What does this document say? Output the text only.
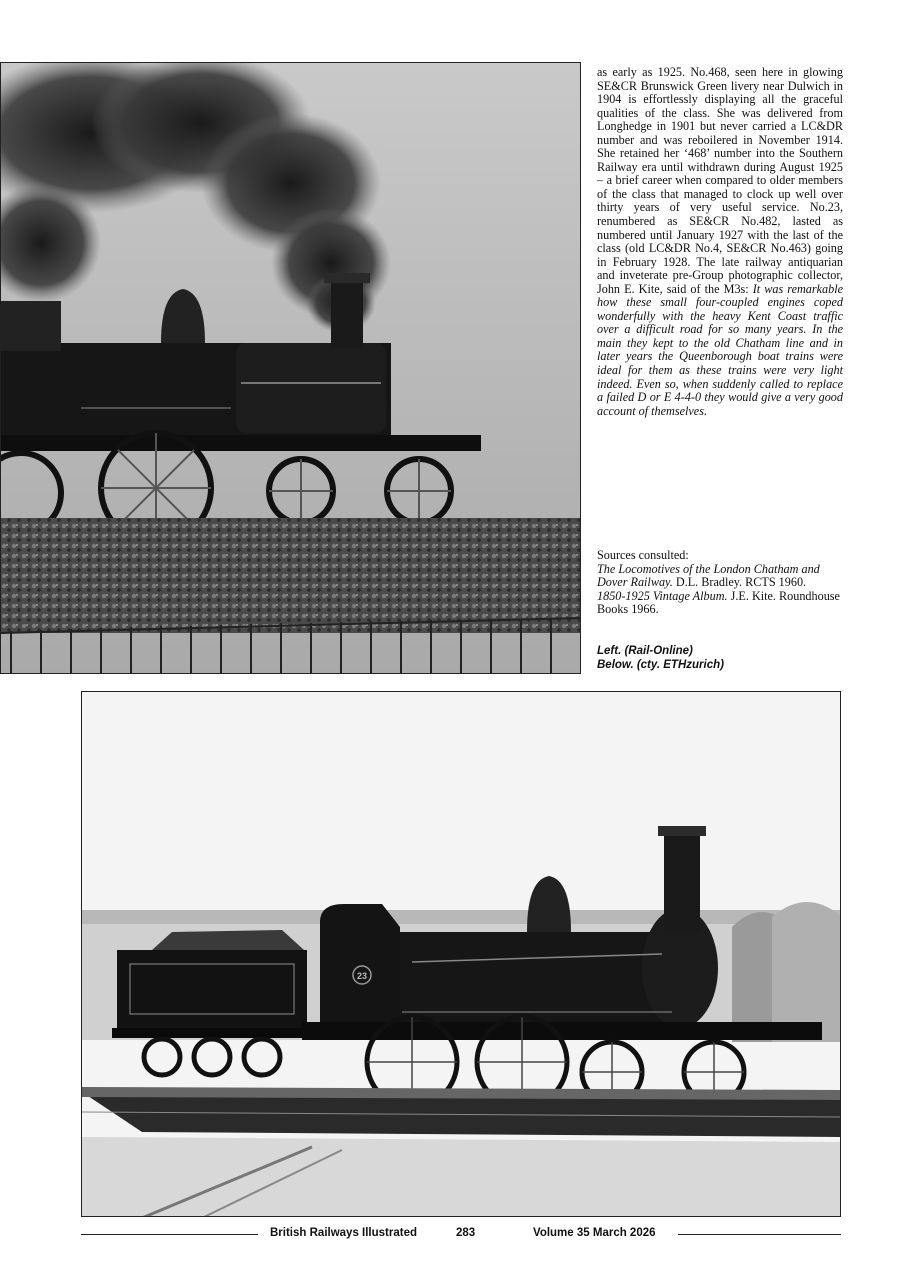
as early as 1925. No.468, seen here in glowing SE&CR Brunswick Green livery near Dulwich in 1904 is effortlessly displaying all the graceful qualities of the class. She was delivered from Longhedge in 1901 but never carried a LC&DR number and was reboilered in November 1914. She retained her ‘468’ number into the Southern Railway era until withdrawn during August 1925 – a brief career when compared to older members of the class that managed to clock up well over thirty years of very useful service. No.23, renumbered as SE&CR No.482, lasted as numbered until January 1927 with the last of the class (old LC&DR No.4, SE&CR No.463) going in February 1928. The late railway antiquarian and inveterate pre-Group photographic collector, John E. Kite, said of the M3s: It was remarkable how these small four-coupled engines coped wonderfully with the heavy Kent Coast traffic over a difficult road for so many years. In the main they kept to the old Chatham line and in later years the Queenborough boat trains were ideal for them as these trains were very light indeed. Even so, when suddenly called to replace a failed D or E 4-4-0 they would give a very good account of themselves.

Sources consulted:
The Locomotives of the London Chatham and Dover Railway. D.L. Bradley. RCTS 1960.
1850-1925 Vintage Album. J.E. Kite. Roundhouse Books 1966.
Left. (Rail-Online)
Below. (cty. ETHzurich)
23
British Railways Illustrated	283	Volume 35 March 2026
